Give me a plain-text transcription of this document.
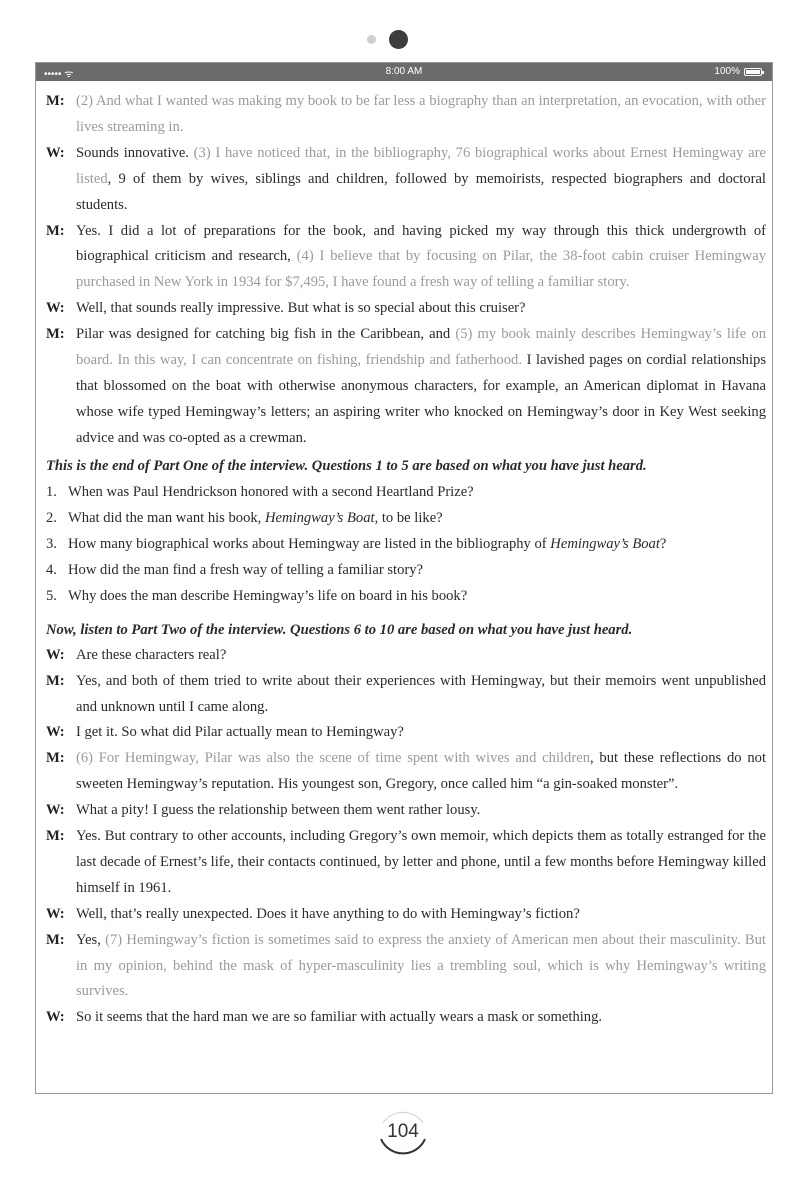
••••• ᯤ	8:00 AM	100%
M: (2) And what I wanted was making my book to be far less a biography than an interpretation, an evocation, with other lives streaming in.
W: Sounds innovative. (3) I have noticed that, in the bibliography, 76 biographical works about Ernest Hemingway are listed, 9 of them by wives, siblings and children, followed by memoirists, respected biographers and doctoral students.
M: Yes. I did a lot of preparations for the book, and having picked my way through this thick undergrowth of biographical criticism and research, (4) I believe that by focusing on Pilar, the 38-foot cabin cruiser Hemingway purchased in New York in 1934 for $7,495, I have found a fresh way of telling a familiar story.
W: Well, that sounds really impressive. But what is so special about this cruiser?
M: Pilar was designed for catching big fish in the Caribbean, and (5) my book mainly describes Hemingway’s life on board. In this way, I can concentrate on fishing, friendship and fatherhood. I lavished pages on cordial relationships that blossomed on the boat with otherwise anonymous characters, for example, an American diplomat in Havana whose wife typed Hemingway’s letters; an aspiring writer who knocked on Hemingway’s door in Key West seeking advice and was co-opted as a crewman.
This is the end of Part One of the interview. Questions 1 to 5 are based on what you have just heard.
1. When was Paul Hendrickson honored with a second Heartland Prize?
2. What did the man want his book, Hemingway’s Boat, to be like?
3. How many biographical works about Hemingway are listed in the bibliography of Hemingway’s Boat?
4. How did the man find a fresh way of telling a familiar story?
5. Why does the man describe Hemingway’s life on board in his book?
Now, listen to Part Two of the interview. Questions 6 to 10 are based on what you have just heard.
W: Are these characters real?
M: Yes, and both of them tried to write about their experiences with Hemingway, but their memoirs went unpublished and unknown until I came along.
W: I get it. So what did Pilar actually mean to Hemingway?
M: (6) For Hemingway, Pilar was also the scene of time spent with wives and children, but these reflections do not sweeten Hemingway’s reputation. His youngest son, Gregory, once called him “a gin-soaked monster”.
W: What a pity! I guess the relationship between them went rather lousy.
M: Yes. But contrary to other accounts, including Gregory’s own memoir, which depicts them as totally estranged for the last decade of Ernest’s life, their contacts continued, by letter and phone, until a few months before Hemingway killed himself in 1961.
W: Well, that’s really unexpected. Does it have anything to do with Hemingway’s fiction?
M: Yes, (7) Hemingway’s fiction is sometimes said to express the anxiety of American men about their masculinity. But in my opinion, behind the mask of hyper-masculinity lies a trembling soul, which is why Hemingway’s writing survives.
W: So it seems that the hard man we are so familiar with actually wears a mask or something.
104
